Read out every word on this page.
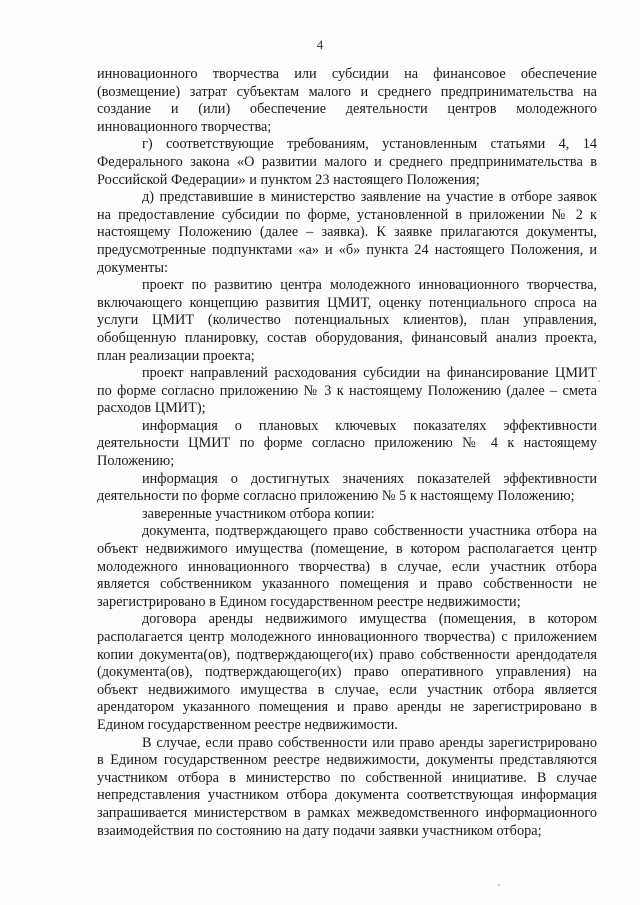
4

инновационного творчества или субсидии на финансовое обеспечение (возмещение) затрат субъектам малого и среднего предпринимательства на создание и (или) обеспечение деятельности центров молодежного инновационного творчества;

г) соответствующие требованиям, установленным статьями 4, 14 Федерального закона «О развитии малого и среднего предпринимательства в Российской Федерации» и пунктом 23 настоящего Положения;

д) представившие в министерство заявление на участие в отборе заявок на предоставление субсидии по форме, установленной в приложении № 2 к настоящему Положению (далее – заявка). К заявке прилагаются документы, предусмотренные подпунктами «а» и «б» пункта 24 настоящего Положения, и документы:

проект по развитию центра молодежного инновационного творчества, включающего концепцию развития ЦМИТ, оценку потенциального спроса на услуги ЦМИТ (количество потенциальных клиентов), план управления, обобщенную планировку, состав оборудования, финансовый анализ проекта, план реализации проекта;

проект направлений расходования субсидии на финансирование ЦМИТ по форме согласно приложению № 3 к настоящему Положению (далее – смета расходов ЦМИТ);

информация о плановых ключевых показателях эффективности деятельности ЦМИТ по форме согласно приложению № 4 к настоящему Положению;

информация о достигнутых значениях показателей эффективности деятельности по форме согласно приложению № 5 к настоящему Положению;

заверенные участником отбора копии:

документа, подтверждающего право собственности участника отбора на объект недвижимого имущества (помещение, в котором располагается центр молодежного инновационного творчества) в случае, если участник отбора является собственником указанного помещения и право собственности не зарегистрировано в Едином государственном реестре недвижимости;

договора аренды недвижимого имущества (помещения, в котором располагается центр молодежного инновационного творчества) с приложением копии документа(ов), подтверждающего(их) право собственности арендодателя (документа(ов), подтверждающего(их) право оперативного управления) на объект недвижимого имущества в случае, если участник отбора является арендатором указанного помещения и право аренды не зарегистрировано в Едином государственном реестре недвижимости.

В случае, если право собственности или право аренды зарегистрировано в Едином государственном реестре недвижимости, документы представляются участником отбора в министерство по собственной инициативе. В случае непредставления участником отбора документа соответствующая информация запрашивается министерством в рамках межведомственного информационного взаимодействия по состоянию на дату подачи заявки участником отбора;
